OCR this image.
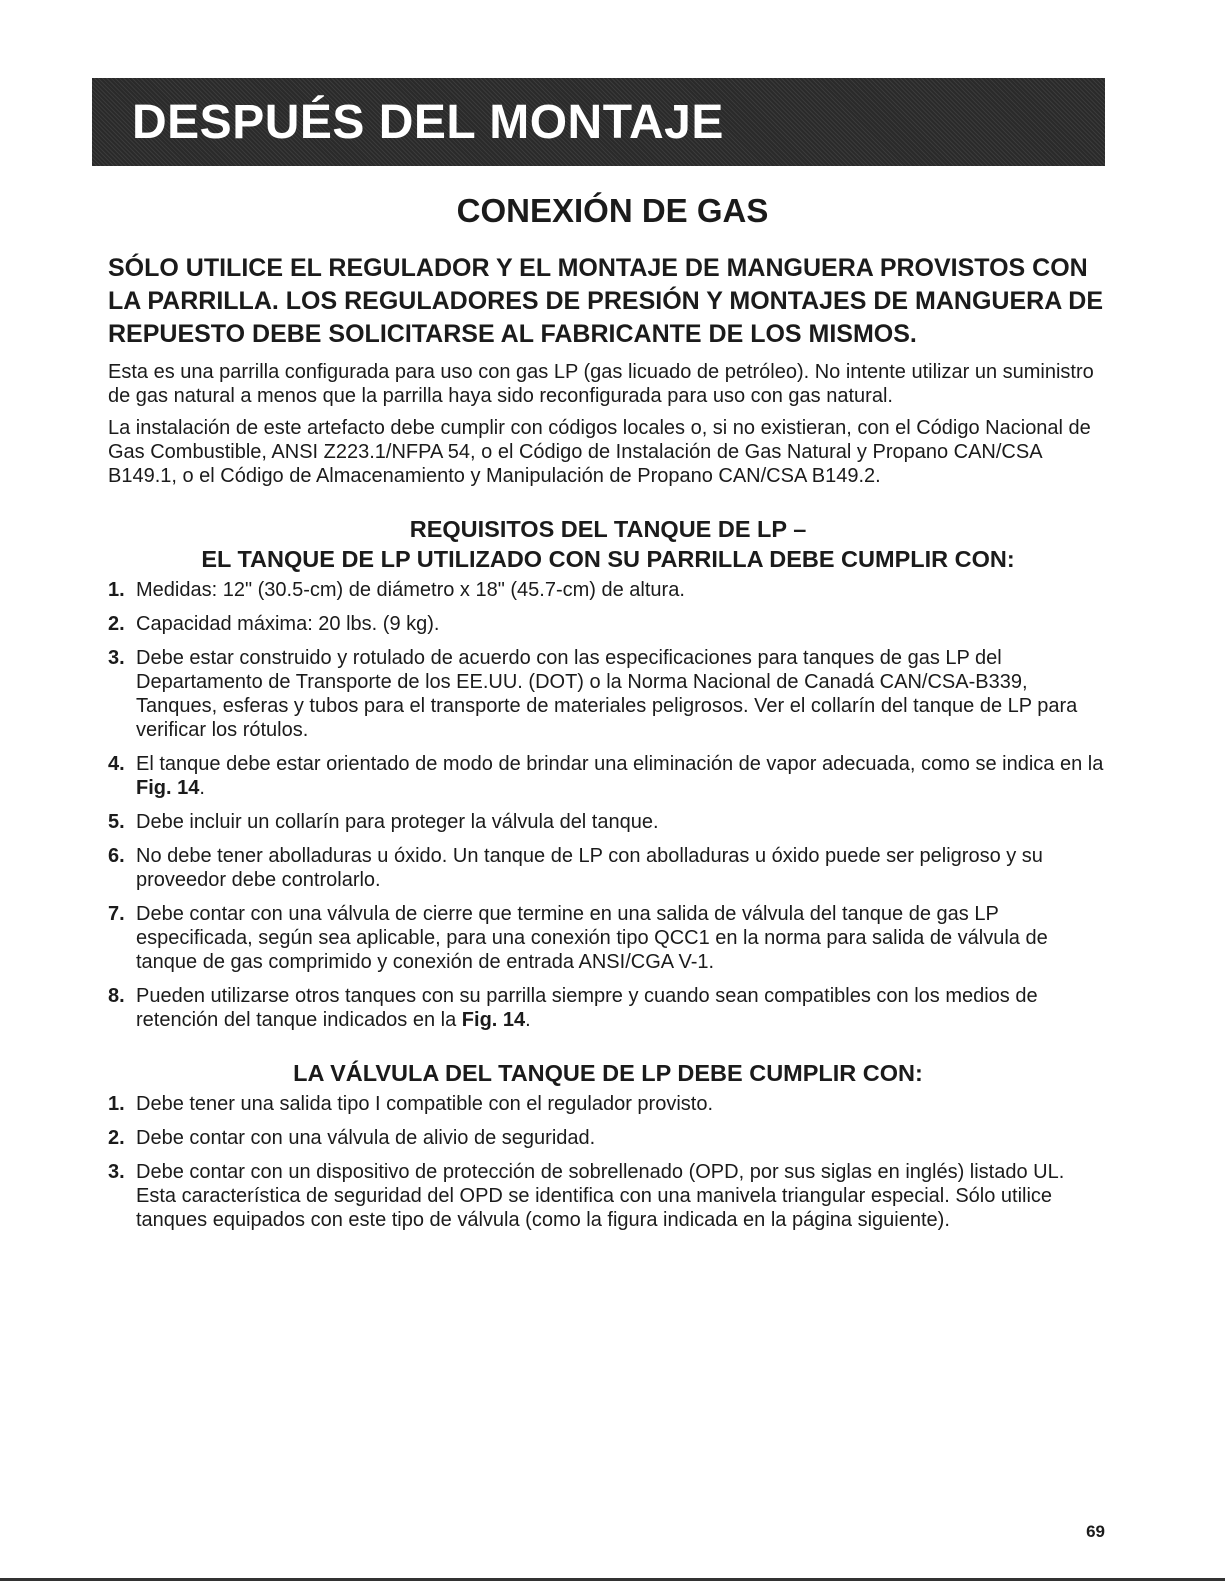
DESPUÉS DEL MONTAJE
CONEXIÓN DE GAS

SÓLO UTILICE EL REGULADOR Y EL MONTAJE DE MANGUERA PROVISTOS CON LA PARRILLA. LOS REGULADORES DE PRESIÓN Y MONTAJES DE MANGUERA DE REPUESTO DEBE SOLICITARSE AL FABRICANTE DE LOS MISMOS.

Esta es una parrilla configurada para uso con gas LP (gas licuado de petróleo). No intente utilizar un suministro de gas natural a menos que la parrilla haya sido reconfigurada para uso con gas natural.

La instalación de este artefacto debe cumplir con códigos locales o, si no existieran, con el Código Nacional de Gas Combustible, ANSI Z223.1/NFPA 54, o el Código de Instalación de Gas Natural y Propano CAN/CSA B149.1, o el Código de Almacenamiento y Manipulación de Propano CAN/CSA B149.2.

REQUISITOS DEL TANQUE DE LP –
EL TANQUE DE LP UTILIZADO CON SU PARRILLA DEBE CUMPLIR CON:
1. Medidas: 12" (30.5-cm) de diámetro x 18" (45.7-cm) de altura.
2. Capacidad máxima: 20 lbs. (9 kg).
3. Debe estar construido y rotulado de acuerdo con las especificaciones para tanques de gas LP del Departamento de Transporte de los EE.UU. (DOT) o la Norma Nacional de Canadá CAN/CSA-B339, Tanques, esferas y tubos para el transporte de materiales peligrosos. Ver el collarín del tanque de LP para verificar los rótulos.
4. El tanque debe estar orientado de modo de brindar una eliminación de vapor adecuada, como se indica en la Fig. 14.
5. Debe incluir un collarín para proteger la válvula del tanque.
6. No debe tener abolladuras u óxido. Un tanque de LP con abolladuras u óxido puede ser peligroso y su proveedor debe controlarlo.
7. Debe contar con una válvula de cierre que termine en una salida de válvula del tanque de gas LP especificada, según sea aplicable, para una conexión tipo QCC1 en la norma para salida de válvula de tanque de gas comprimido y conexión de entrada ANSI/CGA V-1.
8. Pueden utilizarse otros tanques con su parrilla siempre y cuando sean compatibles con los medios de retención del tanque indicados en la Fig. 14.
LA VÁLVULA DEL TANQUE DE LP DEBE CUMPLIR CON:
1. Debe tener una salida tipo I compatible con el regulador provisto.
2. Debe contar con una válvula de alivio de seguridad.
3. Debe contar con un dispositivo de protección de sobrellenado (OPD, por sus siglas en inglés) listado UL. Esta característica de seguridad del OPD se identifica con una manivela triangular especial. Sólo utilice tanques equipados con este tipo de válvula (como la figura indicada en la página siguiente).
69
